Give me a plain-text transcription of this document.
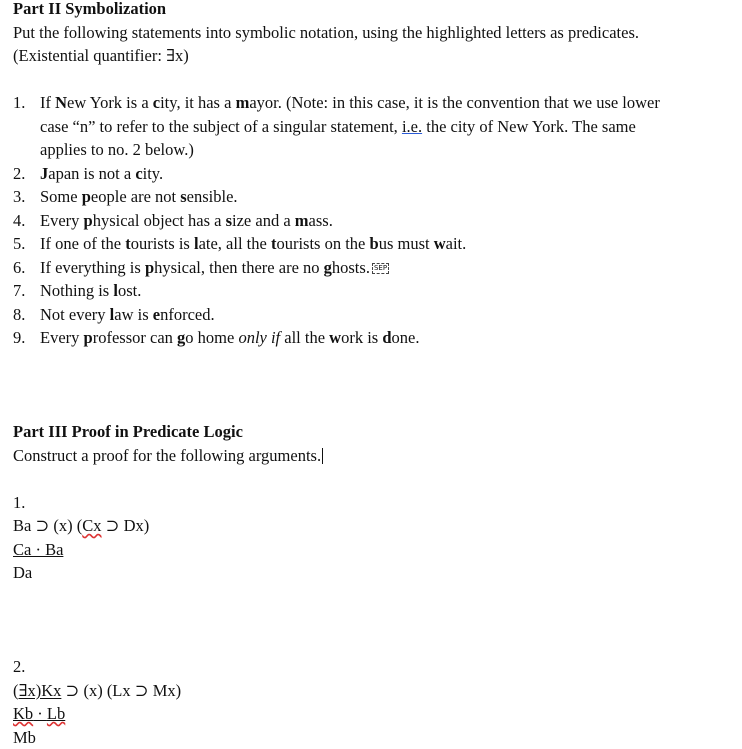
Part II Symbolization
Put the following statements into symbolic notation, using the highlighted letters as predicates.
(Existential quantifier: ∃x)
1. If New York is a city, it has a mayor. (Note: in this case, it is the convention that we use lower case “n” to refer to the subject of a singular statement, i.e. the city of New York. The same applies to no. 2 below.)
2. Japan is not a city.
3. Some people are not sensible.
4. Every physical object has a size and a mass.
5. If one of the tourists is late, all the tourists on the bus must wait.
6. If everything is physical, then there are no ghosts. SEP
7. Nothing is lost.
8. Not every law is enforced.
9. Every professor can go home only if all the work is done.
Part III Proof in Predicate Logic
Construct a proof for the following arguments.
1.
Ba ⊃ (x) (Cx ⊃ Dx)
Ca · Ba
Da
2.
(∃x)Kx ⊃ (x) (Lx ⊃ Mx)
Kb · Lb
Mb
